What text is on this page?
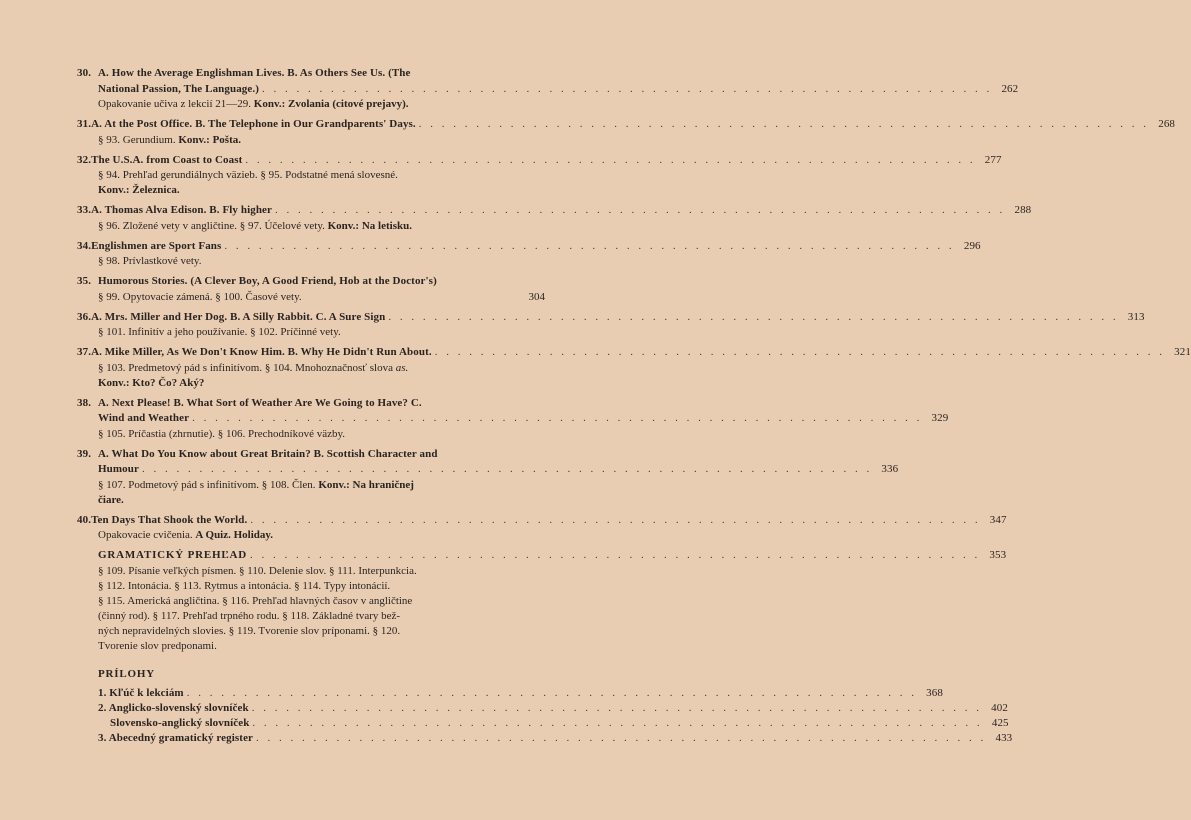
30. A. How the Average Englishman Lives. B. As Others See Us. (The
National Passion, The Language.) . . .	262
Opakovanie učiva z lekcií 21—29. Konv.: Zvolania (citové prejavy).
31. A. At the Post Office. B. The Telephone in Our Grandparents' Days. . . .	268
§ 93. Gerundium. Konv.: Pošta.
32. The U.S.A. from Coast to Coast . . .	277
§ 94. Prehľad gerundiálnych väzieb. § 95. Podstatné mená slovesné.
Konv.: Železnica.
33. A. Thomas Alva Edison. B. Fly higher . . .	288
§ 96. Zložené vety v angličtine. § 97. Účelové vety. Konv.: Na letisku.
34. Englishmen are Sport Fans . . .	296
§ 98. Prívlastkové vety.
35. Humorous Stories. (A Clever Boy, A Good Friend, Hob at the Doctor's)
§ 99. Opytovacie zámená. § 100. Časové vety.	304
36. A. Mrs. Miller and Her Dog. B. A Silly Rabbit. C. A Sure Sign . . .	313
§ 101. Infinitív a jeho používanie. § 102. Príčinné vety.
37. A. Mike Miller, As We Don't Know Him. B. Why He Didn't Run About. . . .	321
§ 103. Predmetový pád s infinitívom. § 104. Mnohoznačnosť slova as.
Konv.: Kto? Čo? Aký?
38. A. Next Please! B. What Sort of Weather Are We Going to Have? C.
Wind and Weather . . .	329
§ 105. Príčastia (zhrnutie). § 106. Prechodníkové väzby.
39. A. What Do You Know about Great Britain? B. Scottish Character and
Humour . . .	336
§ 107. Podmetový pád s infinitívom. § 108. Člen. Konv.: Na hraničnej
čiare.
40. Ten Days That Shook the World. . . .	347
Opakovacie cvičenia. A Quiz. Holiday.
GRAMATICKÝ PREHĽAD . . .	353
§ 109. Písanie veľkých písmen. § 110. Delenie slov. § 111. Interpunkcia.
§ 112. Intonácia. § 113. Rytmus a intonácia. § 114. Typy intonácií.
§ 115. Americká angličtina. § 116. Prehľad hlavných časov v angličtine
(činný rod). § 117. Prehľad trpného rodu. § 118. Základné tvary bež-
ných nepravidelných slovies. § 119. Tvorenie slov príponami. § 120.
Tvorenie slov predponami.
PRÍLOHY
1. Kľúč k lekciám . . .	368
2. Anglicko-slovenský slovníček . . .	402
Slovensko-anglický slovníček . . .	425
3. Abecedný gramatický register . . .	433
